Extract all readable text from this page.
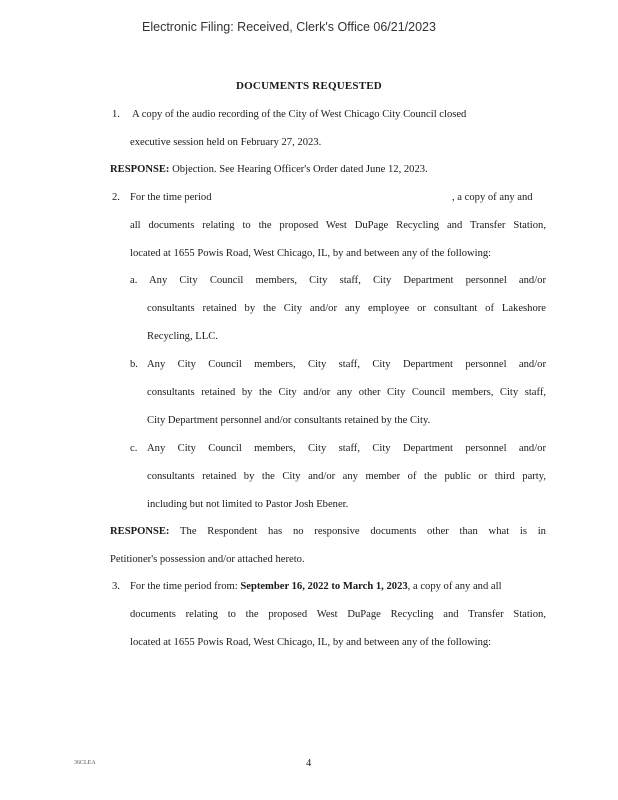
Electronic Filing: Received, Clerk's Office 06/21/2023
DOCUMENTS REQUESTED
1. A copy of the audio recording of the City of West Chicago City Council closed
executive session held on February 27, 2023.
RESPONSE: Objection. See Hearing Officer's Order dated June 12, 2023.
2. For the time period	, a copy of any and
all documents relating to the proposed West DuPage Recycling and Transfer Station,
located at 1655 Powis Road, West Chicago, IL, by and between any of the following:
a. Any City Council members, City staff, City Department personnel and/or
consultants retained by the City and/or any employee or consultant of Lakeshore
Recycling, LLC.
b. Any City Council members, City staff, City Department personnel and/or
consultants retained by the City and/or any other City Council members, City staff,
City Department personnel and/or consultants retained by the City.
c. Any City Council members, City staff, City Department personnel and/or
consultants retained by the City and/or any member of the public or third party,
including but not limited to Pastor Josh Ebener.
RESPONSE: The Respondent has no responsive documents other than what is in
Petitioner's possession and/or attached hereto.
3. For the time period from: September 16, 2022 to March 1, 2023, a copy of any and all
documents relating to the proposed West DuPage Recycling and Transfer Station,
located at 1655 Powis Road, West Chicago, IL, by and between any of the following:
36CLEA	4
